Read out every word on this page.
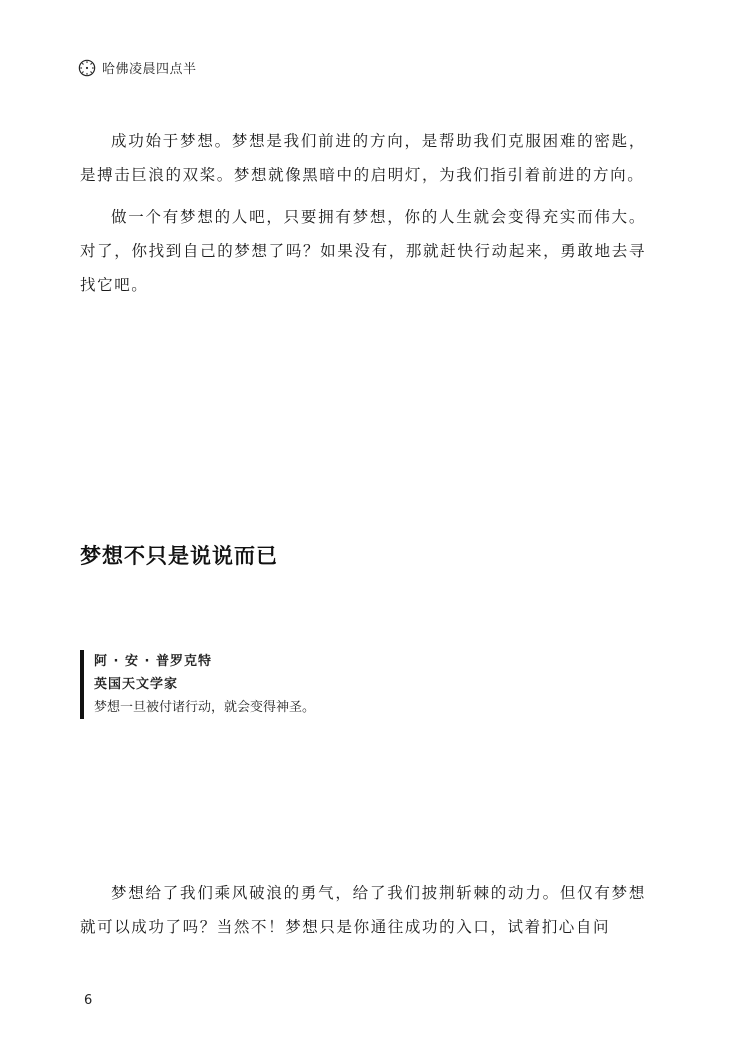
哈佛凌晨四点半

成功始于梦想。梦想是我们前进的方向，是帮助我们克服困难的密匙，是搏击巨浪的双桨。梦想就像黑暗中的启明灯，为我们指引着前进的方向。

做一个有梦想的人吧，只要拥有梦想，你的人生就会变得充实而伟大。对了，你找到自己的梦想了吗？如果没有，那就赶快行动起来，勇敢地去寻找它吧。

梦想不只是说说而已
阿 · 安 · 普罗克特
英国天文学家
梦想一旦被付诸行动，就会变得神圣。

梦想给了我们乘风破浪的勇气，给了我们披荆斩棘的动力。但仅有梦想就可以成功了吗？当然不！梦想只是你通往成功的入口，试着扪心自问

6
